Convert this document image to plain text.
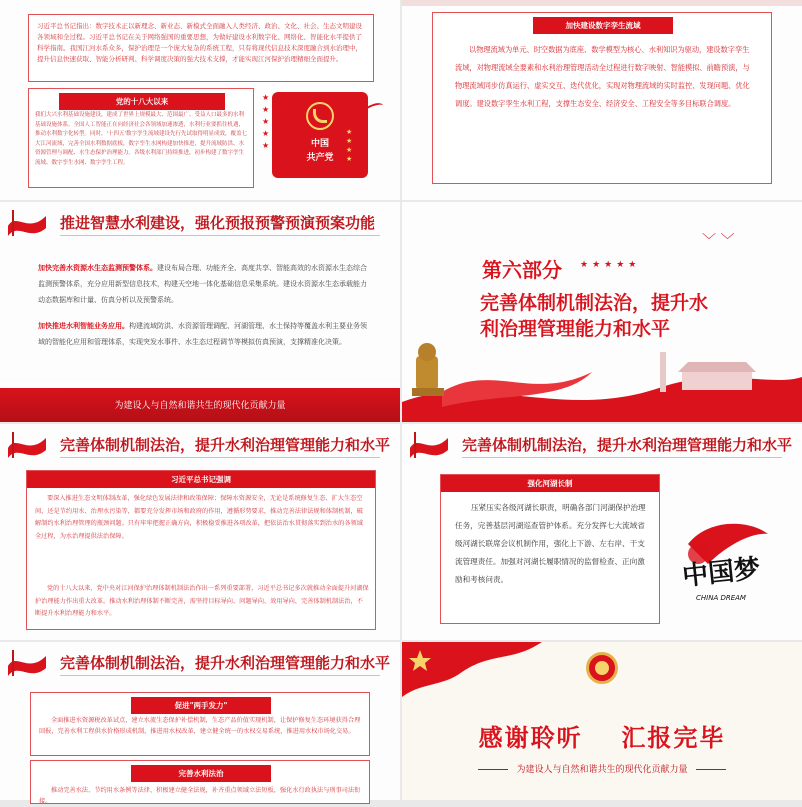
习近平总书记指出：数字技术正以新理念、新业态、新模式全面融入人类经济、政治、文化、社会、生态文明建设各领域和全过程。习近平总书记在关于网络强国的重要思想，为做好建设水利数字化、网络化、智能化水平提供了科学指南。我国江河水系众多，保护治理是一个庞大复杂的系统工程，只有将现代信息技术深度融合到水治理中，提升信息快速获取、智能分析研判、科学调度决策的强大技术支撑，才能实现江河保护治理精细全面提升。
党的十八大以来
我们大兴水利基础设施建设，建成了世界上规模最大、范围最广、受益人口最多的水利基础设施体系。全国人工智能正在向经济社会各领域加速渗透，水利行业要抓住机遇，推动水利数字化转型。同时，'十四五'数字孪生流域建设先行先试取得明显成效，覆盖七大江河流域，完善全国水利数据底板，数字孪生水网构建加快推进，提升流域防洪、水资源管理与调配、水生态保护治理能力。各级水利部门持续推进，初步构建了数字孪生流域、数字孪生水网、数字孪生工程。
★
★
★
★
★	中国
共产党
★
★
★
★
加快建设数字孪生流域
以物理流域为单元、时空数据为底座、数学模型为核心、水利知识为驱动，建设数字孪生流域，对物理流域全要素和水利治理管理活动全过程进行数字映射、智能模拟、前瞻预演，与物理流域同步仿真运行、虚实交互、迭代优化，实现对物理流域的实时监控、发现问题、优化调度。建设数字孪生水利工程，支撑生态安全、经济安全、工程安全等多目标联合调度。
推进智慧水利建设，强化预报预警预演预案功能
加快完善水资源水生态监测预警体系。建设布局合理、功能齐全、高度共享、智能高效的水资源水生态综合监测预警体系，充分应用新型信息技术，构建天空地一体化基础信息采集系统。建设水资源水生态承载能力动态数据库和计量、仿真分析以及预警系统。
加快推进水利智能业务应用。构建流域防洪、水资源管理调配、河湖管理、水土保持等覆盖水利主要业务领域的智能化应用和管理体系，实现突发水事件、水生态过程调节等模拟仿真预演，支撑精准化决策。
为建设人与自然和谐共生的现代化贡献力量
﹀ ﹀
第六部分 ★★★★★
完善体制机制法治，提升水
利治理管理能力和水平
完善体制机制法治，提升水利治理管理能力和水平
习近平总书记强调
要深入推进生态文明体制改革，强化绿色发展法律和政策保障；保障水资源安全，无论是系统修复生态、扩大生态空间，还是节约用水、治理水污染等，都要充分发挥市场和政府的作用，遵循形势要求，推动完善法律法规和体制机制，破解制约水利治理管理的瓶颈问题。只有牢牢把握正确方向，积极稳妥推进各项改革，把依法治水贯彻落实到治水的各领域全过程，为水治理提供法治保障。
党的十八大以来，党中央对江河保护治理体制机制法治作出一系列重要部署，习近平总书记多次就推动全面提升河湖保护治理能力作出重大改革。推动水利治理体制不断完善，需坚持目标导向、问题导向、效用导向，完善体制机制法治，不断提升水利治理能力和水平。
完善体制机制法治，提升水利治理管理能力和水平
强化河湖长制
压紧压实各级河湖长职责，明确各部门河湖保护治理任务，完善基层河湖巡查管护体系。充分发挥七大流域省级河湖长联席会议机制作用，强化上下游、左右岸、干支流管理责任。加强对河湖长履职情况的监督检查、正向激励和考核问责。	中国梦
CHINA DREAM
完善体制机制法治，提升水利治理管理能力和水平
促进"两手发力"
全面推进水资源税改革试点，建立水流生态保护补偿机制，生态产品价值实现机制，让保护修复生态环境获得合理回报，完善水利工程供水价格形成机制，推进用水权改革，建立健全统一的水权交易系统，推进用水权市场化交易。
完善水利法治
推动完善水法、节约用水条例等法律，积极建立健全法规，补齐重点领域立法短板，强化水行政执法与刑事司法衔接。
感谢聆听 汇报完毕
为建设人与自然和谐共生的现代化贡献力量
